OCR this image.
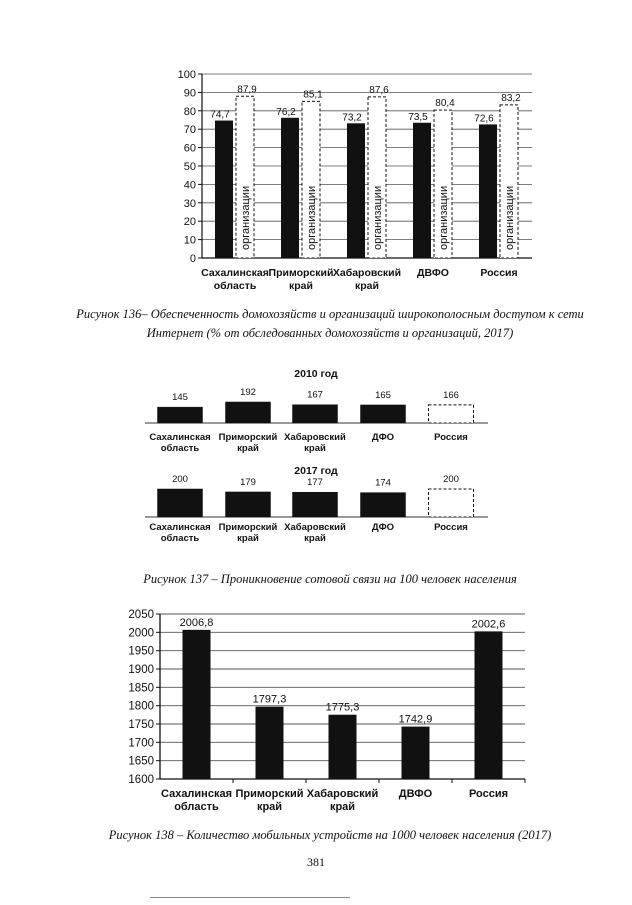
0
10
20
30
40
50
60
70
80
90
100
74,7
87,9
организации
76,2
85,1
организации
73,2
87,6
организации
73,5
80,4
организации
72,6
83,2
организации
Сахалинская
область
Приморский
край
Хабаровский
край
ДВФО	Россия
2010 год
145	192	167	165	166
Сахалинская
область
Приморский
край
Хабаровский
край
ДФО	Россия
2017 год
200	179	177	174	200
Сахалинская
область
Приморский
край
Хабаровский
край
ДФО	Россия
1600
1650
1700
1750
1800
1850
1900
1950
2000
2050
2006,8
1797,3
1775,3
1742,9
2002,6
Сахалинская
область
Приморский
край
Хабаровский
край
ДВФО	Россия
Рисунок 136– Обеспеченность домохозяйств и организаций широкополосным доступом к сети Интернет (% от обследованных домохозяйств и организаций, 2017)
Рисунок 137 – Проникновение сотовой связи на 100 человек населения
Рисунок 138 – Количество мобильных устройств на 1000 человек населения (2017)
381
